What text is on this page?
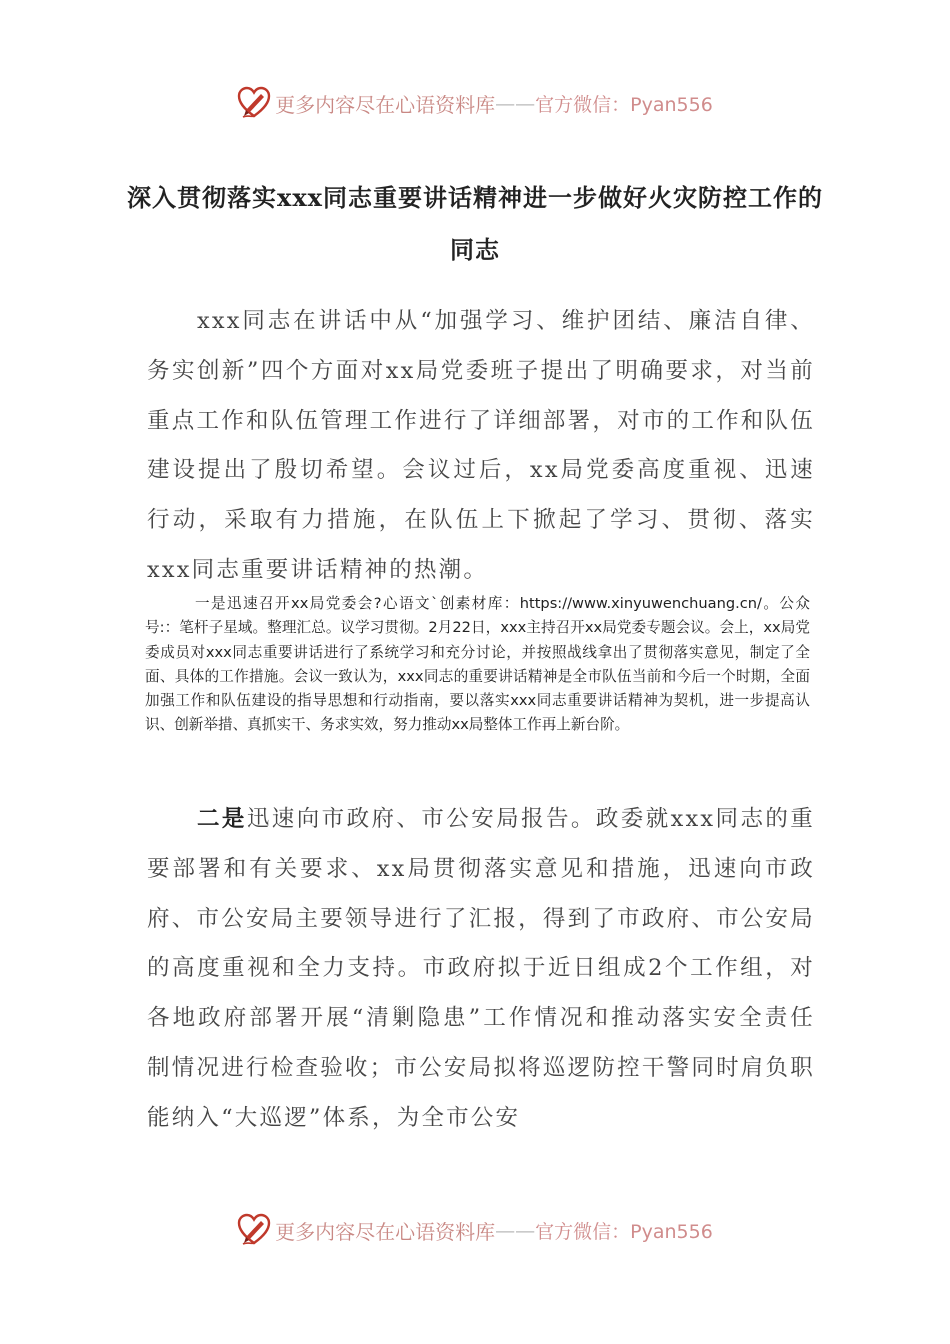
更多内容尽在心语资料库 —— 官方微信：Pyan556
深入贯彻落实xxx同志重要讲话精神进一步做好火灾防控工作的同志
xxx同志在讲话中从“加强学习、维护团结、廉洁自律、务实创新”四个方面对xx局党委班子提出了明确要求，对当前重点工作和队伍管理工作进行了详细部署，对市的工作和队伍建设提出了殷切希望。会议过后，xx局党委高度重视、迅速行动，采取有力措施，在队伍上下掀起了学习、贯彻、落实xxx同志重要讲话精神的热潮。
一是迅速召开xx局党委会?心语文`创素材库：https://www.xinyuwenchuang.cn/。公众号:：笔杆子星域。整理汇总。议学习贯彻。2月22日，xxx主持召开xx局党委专题会议。会上，xx局党委成员对xxx同志重要讲话进行了系统学习和充分讨论，并按照战线拿出了贯彻落实意见，制定了全面、具体的工作措施。会议一致认为，xxx同志的重要讲话精神是全市队伍当前和今后一个时期，全面加强工作和队伍建设的指导思想和行动指南，要以落实xxx同志重要讲话精神为契机，进一步提高认识、创新举措、真抓实干、务求实效，努力推动xx局整体工作再上新台阶。
二是迅速向市政府、市公安局报告。政委就xxx同志的重要部署和有关要求、xx局贯彻落实意见和措施，迅速向市政府、市公安局主要领导进行了汇报，得到了市政府、市公安局的高度重视和全力支持。市政府拟于近日组成2个工作组，对各地政府部署开展“清剿隐患”工作情况和推动落实安全责任制情况进行检查验收；市公安局拟将巡逻防控干警同时肩负职能纳入“大巡逻”体系，为全市公安
更多内容尽在心语资料库 —— 官方微信：Pyan556
